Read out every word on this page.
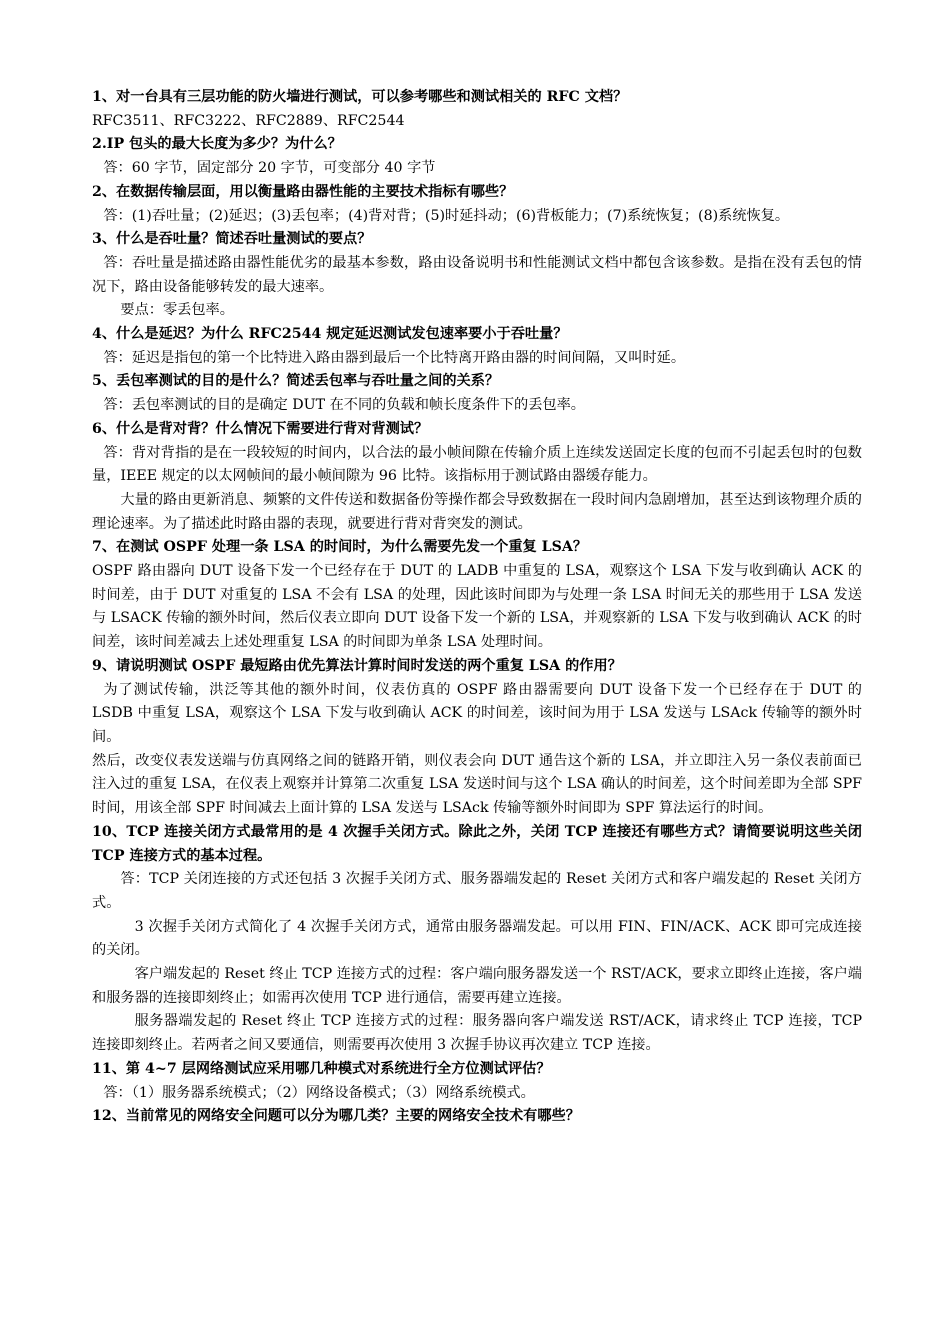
1、对一台具有三层功能的防火墙进行测试，可以参考哪些和测试相关的 RFC 文档？

RFC3511、RFC3222、RFC2889、RFC2544

2.IP 包头的最大长度为多少？为什么？

答：60 字节，固定部分 20 字节，可变部分 40 字节

2、在数据传输层面，用以衡量路由器性能的主要技术指标有哪些？

答：(1)吞吐量；(2)延迟；(3)丢包率；(4)背对背；(5)时延抖动；(6)背板能力；(7)系统恢复；(8)系统恢复。

3、什么是吞吐量？简述吞吐量测试的要点？

答：吞吐量是描述路由器性能优劣的最基本参数，路由设备说明书和性能测试文档中都包含该参数。是指在没有丢包的情况下，路由设备能够转发的最大速率。

要点：零丢包率。

4、什么是延迟？为什么 RFC2544 规定延迟测试发包速率要小于吞吐量？

答：延迟是指包的第一个比特进入路由器到最后一个比特离开路由器的时间间隔，又叫时延。

5、丢包率测试的目的是什么？简述丢包率与吞吐量之间的关系？

答：丢包率测试的目的是确定 DUT 在不同的负载和帧长度条件下的丢包率。

6、什么是背对背？什么情况下需要进行背对背测试？

答：背对背指的是在一段较短的时间内，以合法的最小帧间隙在传输介质上连续发送固定长度的包而不引起丢包时的包数量，IEEE 规定的以太网帧间的最小帧间隙为 96 比特。该指标用于测试路由器缓存能力。

大量的路由更新消息、频繁的文件传送和数据备份等操作都会导致数据在一段时间内急剧增加，甚至达到该物理介质的理论速率。为了描述此时路由器的表现，就要进行背对背突发的测试。

7、在测试 OSPF 处理一条 LSA 的时间时，为什么需要先发一个重复 LSA？

OSPF 路由器向 DUT 设备下发一个已经存在于 DUT 的 LADB 中重复的 LSA，观察这个 LSA 下发与收到确认 ACK 的时间差，由于 DUT 对重复的 LSA 不会有 LSA 的处理，因此该时间即为与处理一条 LSA 时间无关的那些用于 LSA 发送与 LSACK 传输的额外时间，然后仪表立即向 DUT 设备下发一个新的 LSA，并观察新的 LSA 下发与收到确认 ACK 的时间差，该时间差减去上述处理重复 LSA 的时间即为单条 LSA 处理时间。

9、请说明测试 OSPF 最短路由优先算法计算时间时发送的两个重复 LSA 的作用？

为了测试传输，洪泛等其他的额外时间，仪表仿真的 OSPF 路由器需要向 DUT 设备下发一个已经存在于 DUT 的 LSDB 中重复 LSA，观察这个 LSA 下发与收到确认 ACK 的时间差，该时间为用于 LSA 发送与 LSAck 传输等的额外时间。

然后，改变仪表发送端与仿真网络之间的链路开销，则仪表会向 DUT 通告这个新的 LSA，并立即注入另一条仪表前面已注入过的重复 LSA，在仪表上观察并计算第二次重复 LSA 发送时间与这个 LSA 确认的时间差，这个时间差即为全部 SPF 时间，用该全部 SPF 时间减去上面计算的 LSA 发送与 LSAck 传输等额外时间即为 SPF 算法运行的时间。

10、TCP 连接关闭方式最常用的是 4 次握手关闭方式。除此之外，关闭 TCP 连接还有哪些方式？请简要说明这些关闭 TCP 连接方式的基本过程。

答：TCP 关闭连接的方式还包括 3 次握手关闭方式、服务器端发起的 Reset 关闭方式和客户端发起的 Reset 关闭方式。

3 次握手关闭方式简化了 4 次握手关闭方式，通常由服务器端发起。可以用 FIN、FIN/ACK、ACK 即可完成连接的关闭。

客户端发起的 Reset 终止 TCP 连接方式的过程：客户端向服务器发送一个 RST/ACK，要求立即终止连接，客户端和服务器的连接即刻终止；如需再次使用 TCP 进行通信，需要再建立连接。

服务器端发起的 Reset 终止 TCP 连接方式的过程：服务器向客户端发送 RST/ACK，请求终止 TCP 连接，TCP 连接即刻终止。若两者之间又要通信，则需要再次使用 3 次握手协议再次建立 TCP 连接。

11、第 4~7 层网络测试应采用哪几种模式对系统进行全方位测试评估？

答：（1）服务器系统模式；（2）网络设备模式；（3）网络系统模式。

12、当前常见的网络安全问题可以分为哪几类？主要的网络安全技术有哪些？
